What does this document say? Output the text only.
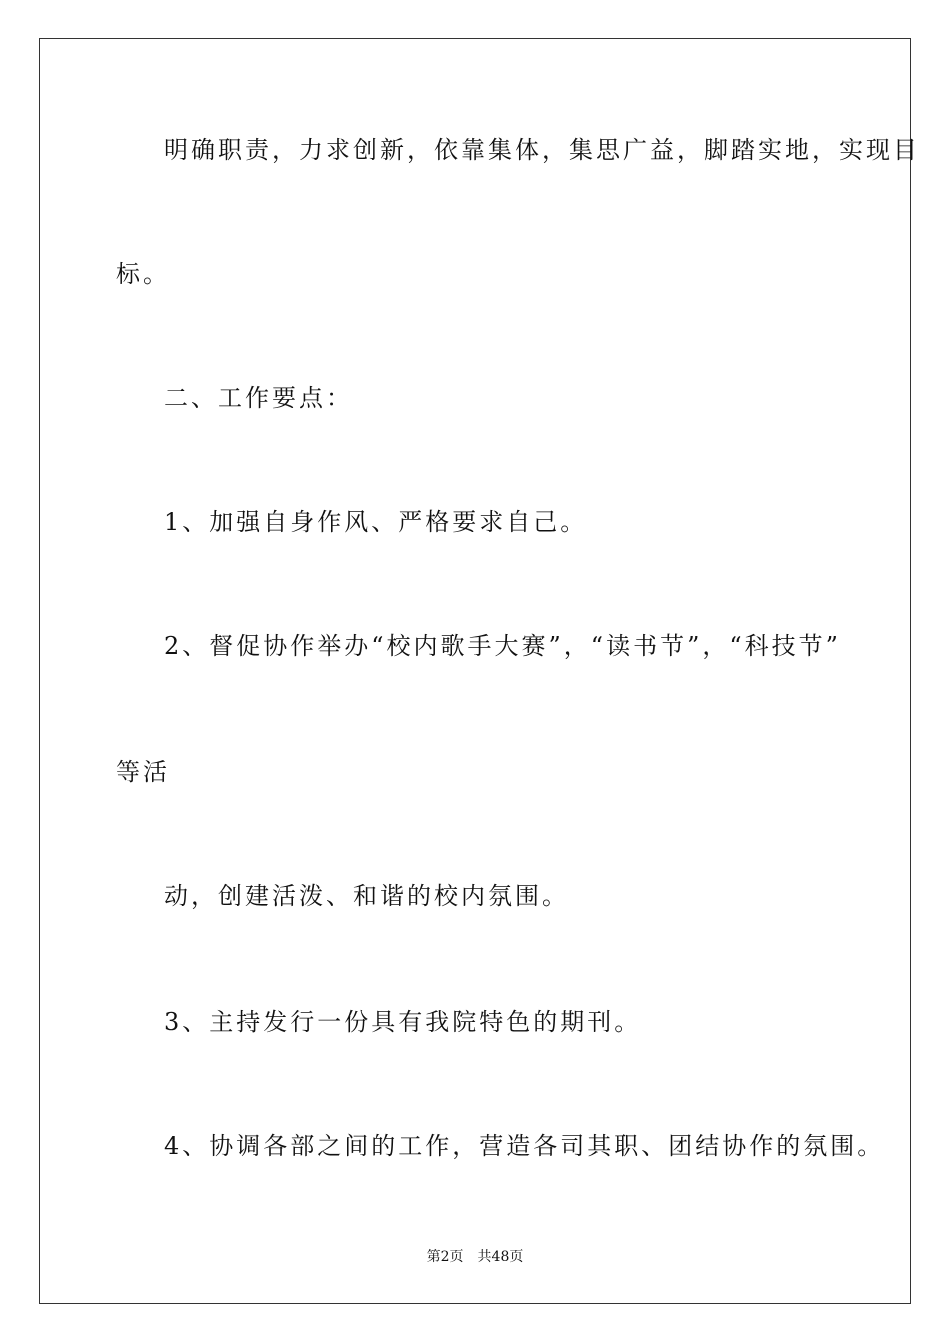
明确职责，力求创新，依靠集体，集思广益，脚踏实地，实现目
标。
二、工作要点：
1、加强自身作风、严格要求自己。
2、督促协作举办“校内歌手大赛”，“读书节”，“科技节”
等活
动，创建活泼、和谐的校内氛围。
3、主持发行一份具有我院特色的期刊。
4、协调各部之间的工作，营造各司其职、团结协作的氛围。
第2页 共48页
